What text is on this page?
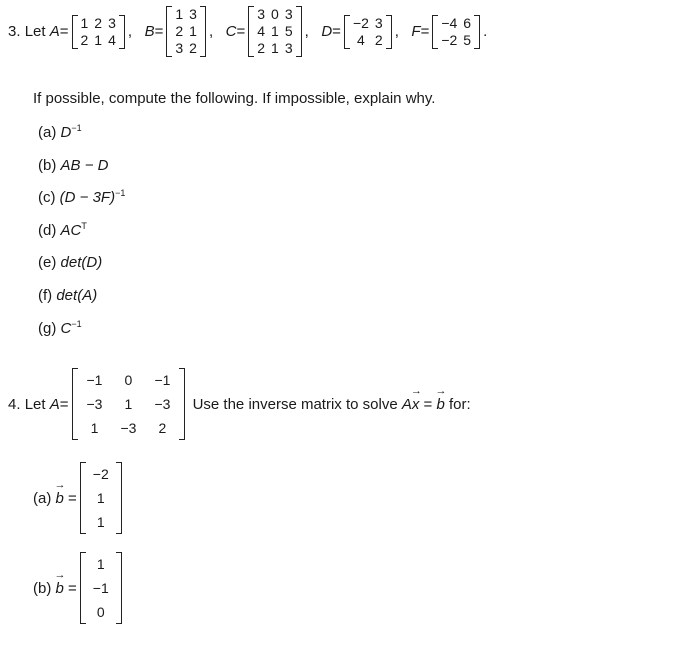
3.
Let
A =
1	2	3
2	1	4 ,
B =
1	3
2	1
3	2
,
C =
3	0	3
4	1	5
2	1	3
,
D =
−2	3
4	2 ,
F =
−4	6
−2	5 .
If possible, compute the following. If impossible, explain why.
(a) $D^{-1}$
(b) AB − D
(c) $(D - 3F)^{-1}$
(d) $AC^T$
(e) det(D)
(f) det(A)
(g) $C^{-1}$
4.
Let
A =
−1	0	−1
−3	1	−3
1	−3	2

Use the inverse matrix to solve
A → x
=
→ b
for:
(a)
→ b
=
−2
1
1
(b)
→ b
=
1
−1
0
